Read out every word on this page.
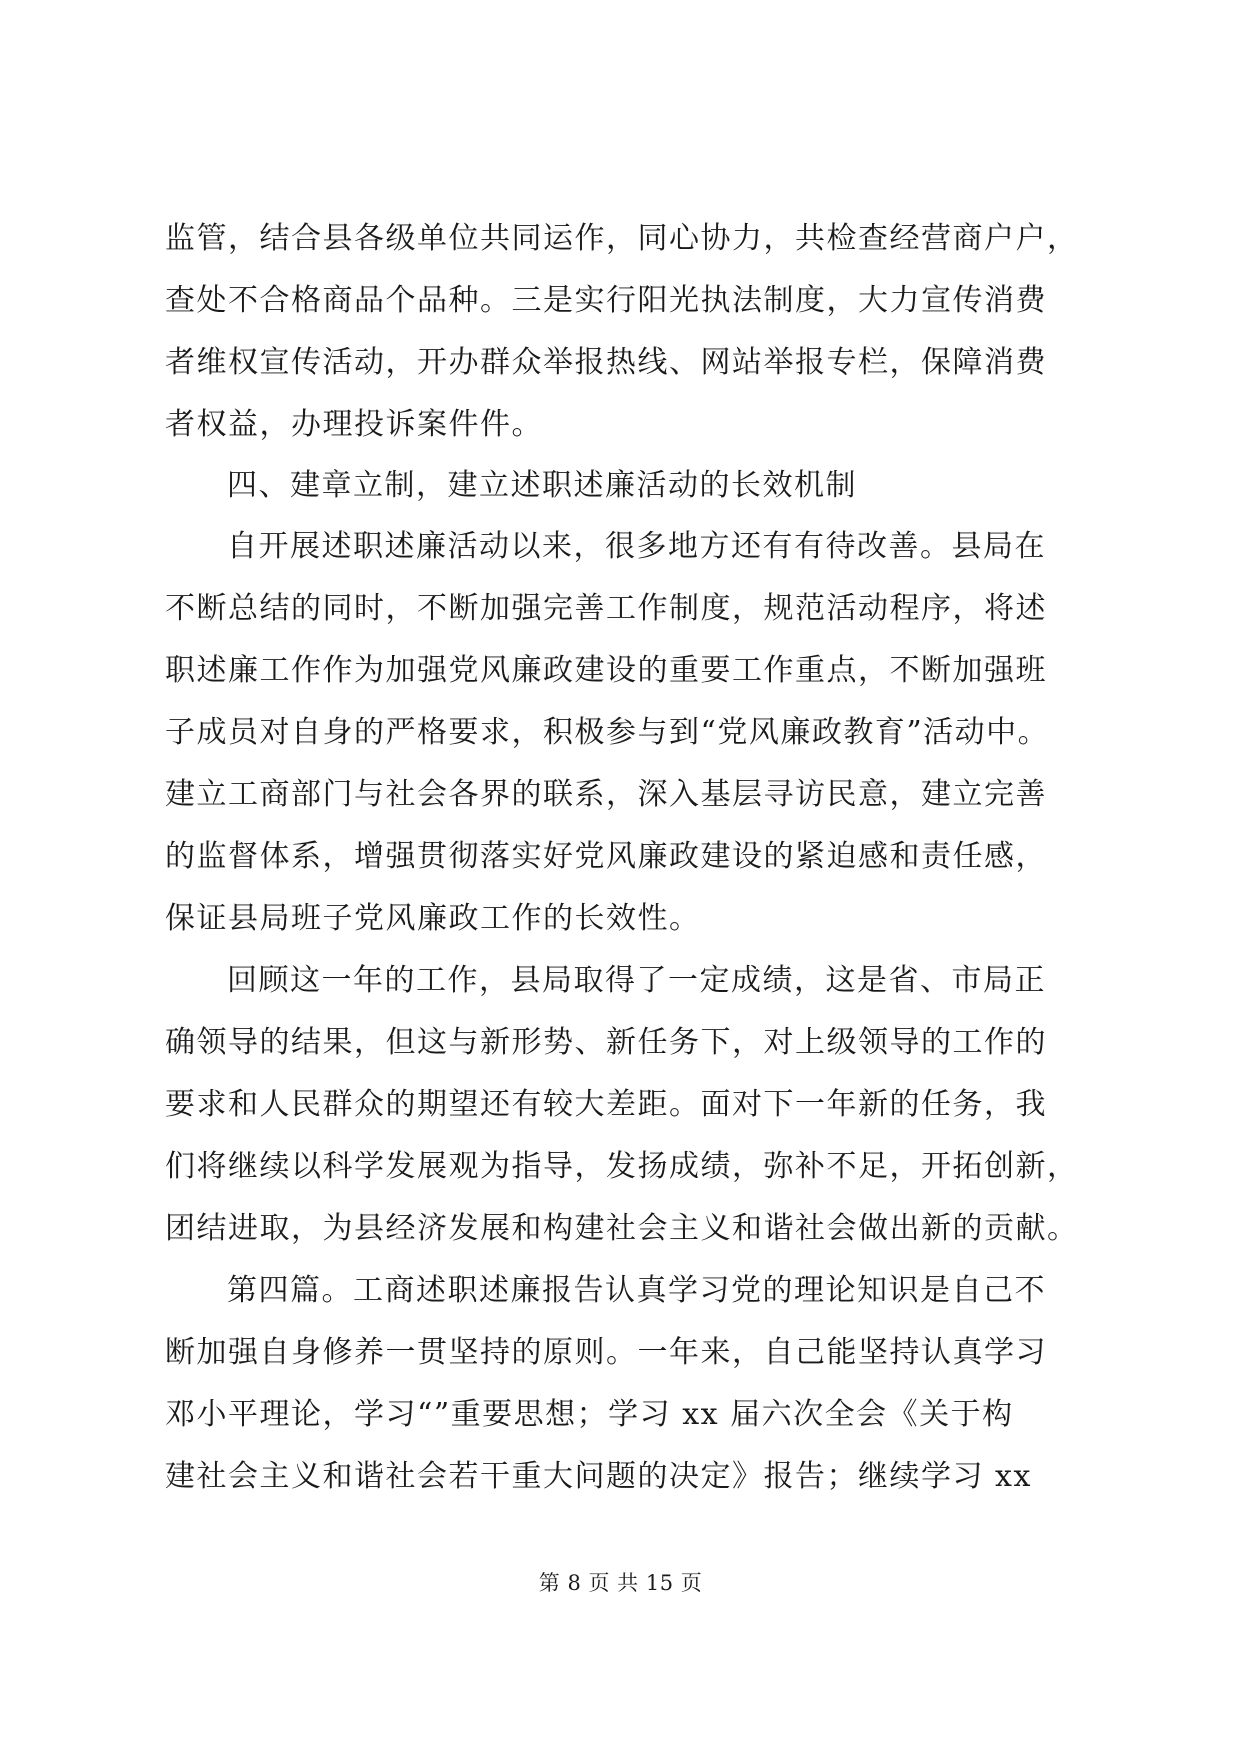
监管，结合县各级单位共同运作，同心协力，共检查经营商户户，
查处不合格商品个品种。三是实行阳光执法制度，大力宣传消费
者维权宣传活动，开办群众举报热线、网站举报专栏，保障消费
者权益，办理投诉案件件。
四、建章立制，建立述职述廉活动的长效机制
自开展述职述廉活动以来，很多地方还有有待改善。县局在
不断总结的同时，不断加强完善工作制度，规范活动程序，将述
职述廉工作作为加强党风廉政建设的重要工作重点，不断加强班
子成员对自身的严格要求，积极参与到“党风廉政教育”活动中。
建立工商部门与社会各界的联系，深入基层寻访民意，建立完善
的监督体系，增强贯彻落实好党风廉政建设的紧迫感和责任感，
保证县局班子党风廉政工作的长效性。
回顾这一年的工作，县局取得了一定成绩，这是省、市局正
确领导的结果，但这与新形势、新任务下，对上级领导的工作的
要求和人民群众的期望还有较大差距。面对下一年新的任务，我
们将继续以科学发展观为指导，发扬成绩，弥补不足，开拓创新，
团结进取，为县经济发展和构建社会主义和谐社会做出新的贡献。
第四篇。工商述职述廉报告认真学习党的理论知识是自己不
断加强自身修养一贯坚持的原则。一年来，自己能坚持认真学习
邓小平理论，学习“”重要思想；学习 xx 届六次全会《关于构
建社会主义和谐社会若干重大问题的决定》报告；继续学习 xx
第 8 页 共 15 页
